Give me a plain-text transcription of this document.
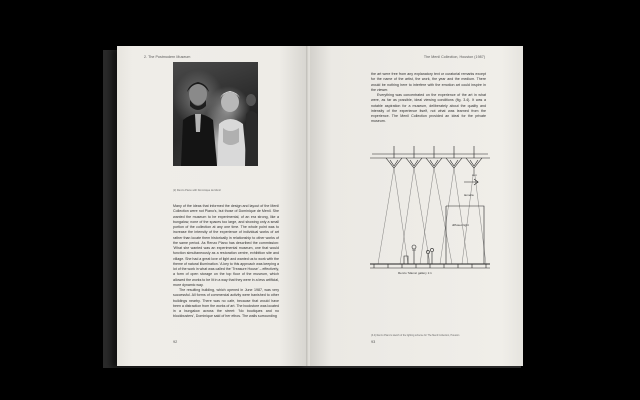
2. The Postmodern Museum
(2) Renzo Piano with Dominique de Menil

Many of the ideas that informed the design and layout of the Menil Collection were not Piano's, but those of Dominique de Menil. She wanted the museum to be experimental, of an era strong, like a bungalow, none of the spaces too large, and showing only a small portion of the collection at any one time. The whole point was to increase the intensity of the experience of individual works of art rather than locate them historically in relationship to other works of the same period. As Renzo Piano has described the commission: 'What she wanted was an experimental museum, one that would function simultaneously as a restoration centre, exhibition site and village. She had a great love of light and wanted us to work with the theme of natural illumination.' A key to this approach was keeping a lot of the work in what was called the 'Treasure House' – effectively, a form of open storage on the top floor of the museum, which allowed the works to be lit in a way that they were in a less artificial, more dynamic way.

The resulting building, which opened in June 1987, was very successful. All forms of commercial activity were banished to other buildings nearby. There was no cafe, because that would have been a distraction from the works of art. The bookstore was located in a bungalow across the street: 'No boutiques and no blockbusters', Dominique said of her ethos. The walls surrounding

92
The Menil Collection, Houston (1987)

the art were free from any explanatory text or curatorial remarks except for the name of the artist, the work, the year and the medium. There would be nothing here to interfere with the emotion art could inspire in the viewer.

Everything was concentrated on the experience of the art in what were, as far as possible, ideal viewing conditions (fig. 3.4). It was a notable aspiration for a museum, deliberately about the quality and intensity of the experience itself, not what was learned from the experience. The Menil Collection provided an ideal for the private museum.

sun
lamella
diffused light
Renzo ‘Mama’ gallery 1:1
(3.4) Renzo Piano's sketch of the lighting scheme for The Menil Collection, Houston
93
